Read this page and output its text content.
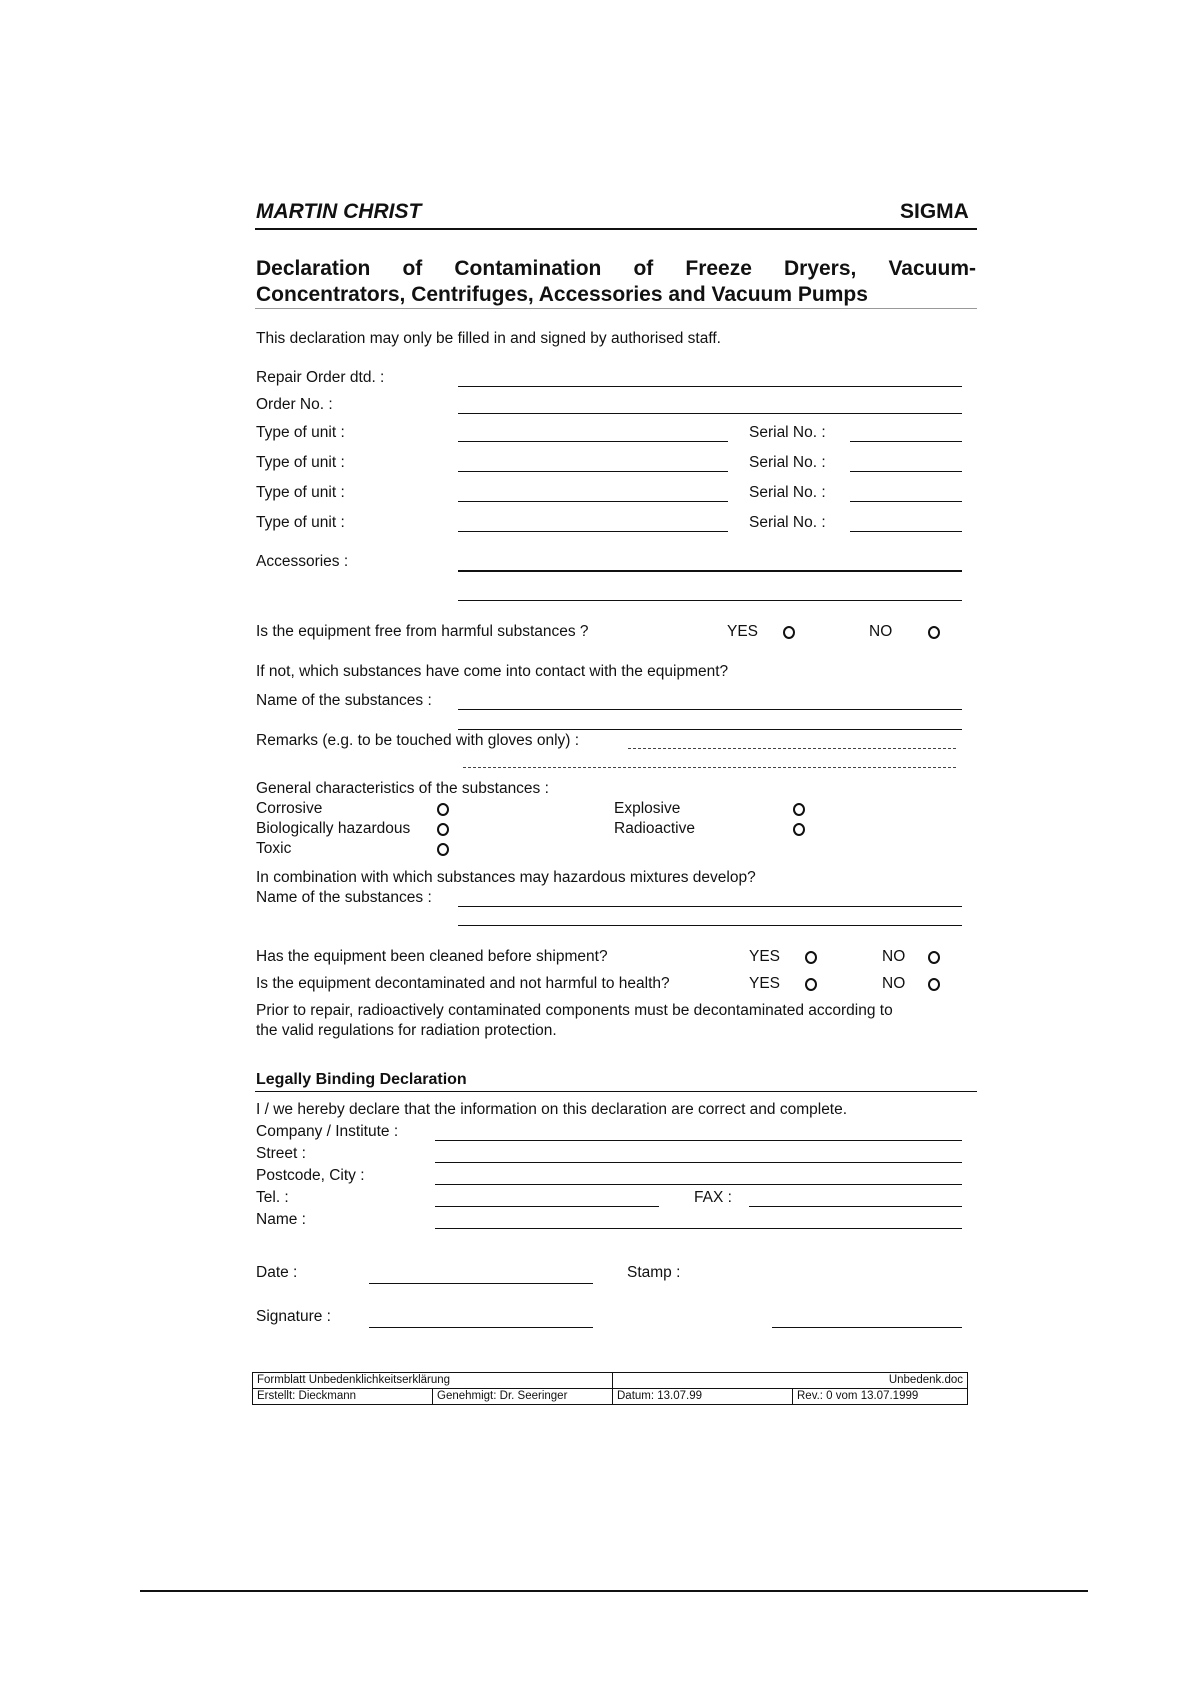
MARTIN CHRIST	SIGMA
Declaration of Contamination of Freeze Dryers, Vacuum-
Concentrators, Centrifuges, Accessories and Vacuum Pumps
This declaration may only be filled in and signed by authorised staff.
Repair Order dtd. :
Order No. :
Type of unit :	Serial No. :
Type of unit :	Serial No. :
Type of unit :	Serial No. :
Type of unit :	Serial No. :
Accessories :
Is the equipment free from harmful substances ?	YES	NO
If not, which substances have come into contact with the equipment?
Name of the substances :
Remarks (e.g. to be touched with gloves only) :
General characteristics of the substances :
Corrosive	Explosive
Biologically hazardous	Radioactive
Toxic
In combination with which substances may hazardous mixtures develop?
Name of the substances :
Has the equipment been cleaned before shipment?	YES	NO
Is the equipment decontaminated and not harmful to health?	YES	NO
Prior to repair, radioactively contaminated components must be decontaminated according to
the valid regulations for radiation protection.
Legally Binding Declaration
I / we hereby declare that the information on this declaration are correct and complete.
Company / Institute :
Street :
Postcode, City :
Tel. :	FAX :
Name :
Date :	Stamp :
Signature :
Formblatt Unbedenklichkeitserklärung		Unbedenk.doc	
Erstellt: Dieckmann	Genehmigt: Dr. Seeringer	Datum: 13.07.99	Rev.: 0 vom 13.07.1999
